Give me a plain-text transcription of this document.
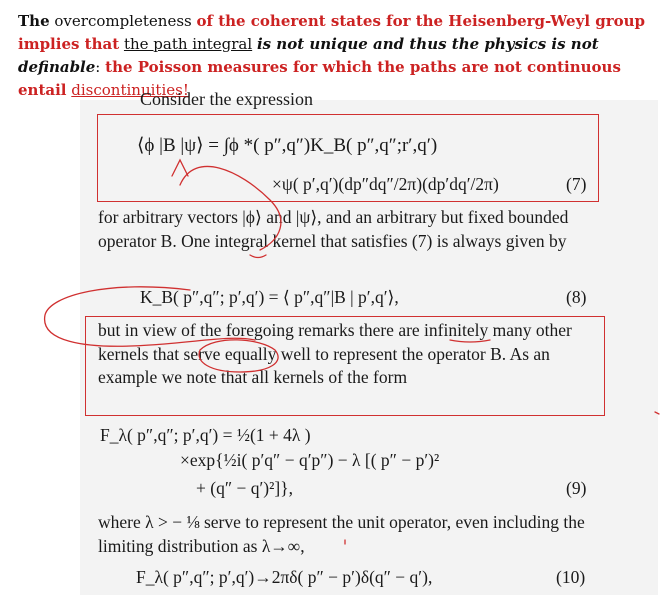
The overcompleteness of the coherent states for the Heisenberg-Weyl group implies that the path integral is not unique and thus the physics is not definable: the Poisson measures for which the paths are not continuous entail discontinuities!
Consider the expression
⟨ϕ |B |ψ⟩ = ∫ϕ *( p″,q″)K_B( p″,q″;r′,q′)
×ψ( p′,q′)(dp″dq″/2π)(dp′dq′/2π)	(7)
for arbitrary vectors |ϕ⟩ and |ψ⟩, and an arbitrary but fixed bounded operator B. One integral kernel that satisfies (7) is always given by
K_B( p″,q″; p′,q′) = ⟨ p″,q″|B | p′,q′⟩,	(8)
but in view of the foregoing remarks there are infinitely many other kernels that serve equally well to represent the operator B. As an example we note that all kernels of the form
F_λ( p″,q″; p′,q′) = ½(1 + 4λ )
×exp{½i( p′q″ − q′p″) − λ [( p″ − p′)²
+ (q″ − q′)²]},	(9)
where λ > − ⅛ serve to represent the unit operator, even including the limiting distribution as λ→∞,
F_λ( p″,q″; p′,q′)→2πδ( p″ − p′)δ(q″ − q′),	(10)
